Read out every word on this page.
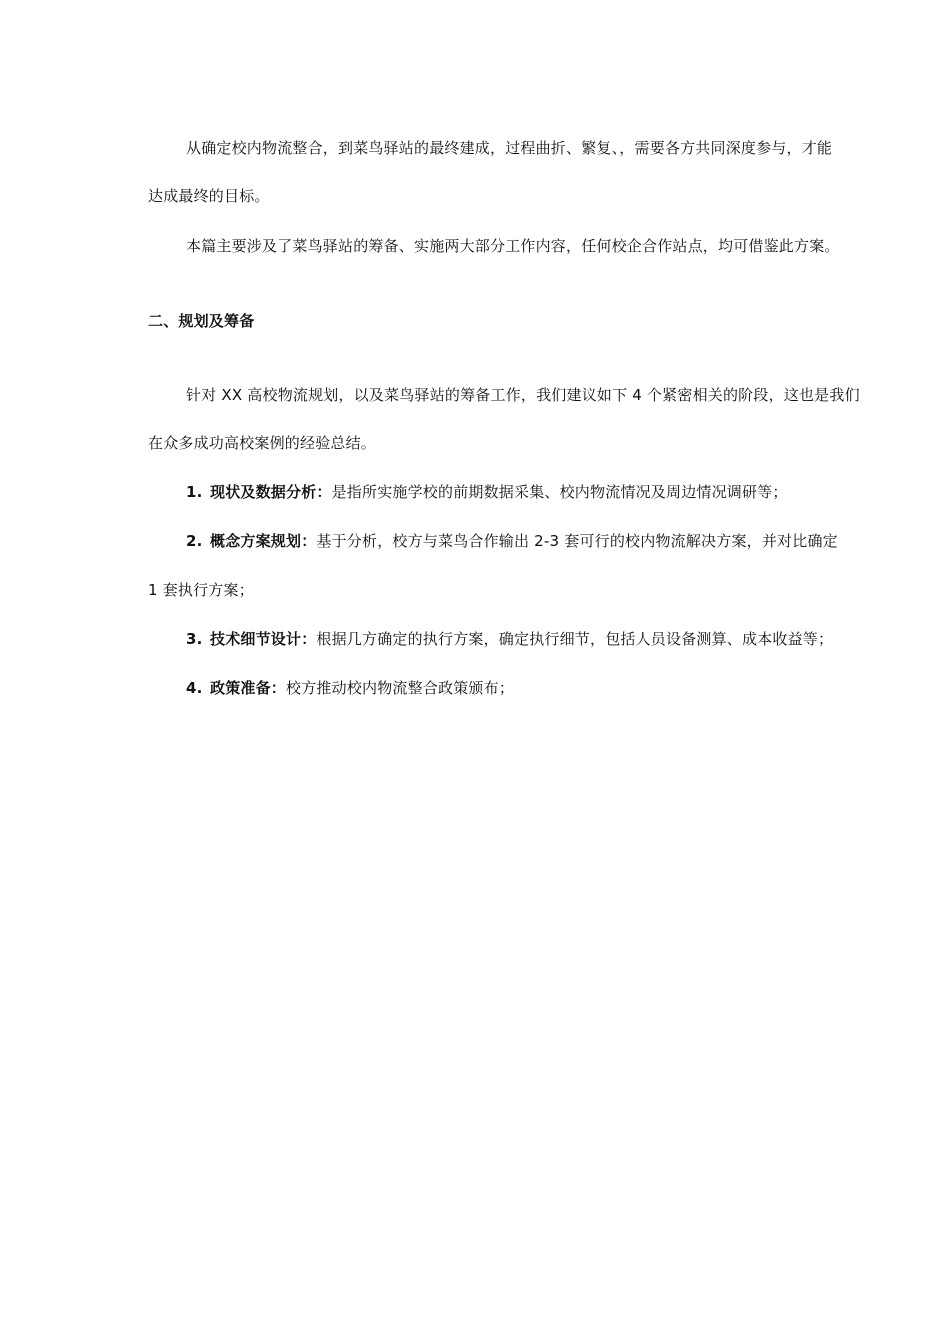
从确定校内物流整合，到菜鸟驿站的最终建成，过程曲折、繁复、，需要各方共同深度参与，才能
达成最终的目标。
本篇主要涉及了菜鸟驿站的筹备、实施两大部分工作内容，任何校企合作站点，均可借鉴此方案。
二、规划及筹备
针对 XX 高校物流规划，以及菜鸟驿站的筹备工作，我们建议如下 4 个紧密相关的阶段，这也是我们
在众多成功高校案例的经验总结。
1. 现状及数据分析：是指所实施学校的前期数据采集、校内物流情况及周边情况调研等；
2. 概念方案规划：基于分析，校方与菜鸟合作输出 2-3 套可行的校内物流解决方案，并对比确定
1 套执行方案；
3. 技术细节设计：根据几方确定的执行方案，确定执行细节，包括人员设备测算、成本收益等；
4. 政策准备：校方推动校内物流整合政策颁布；
